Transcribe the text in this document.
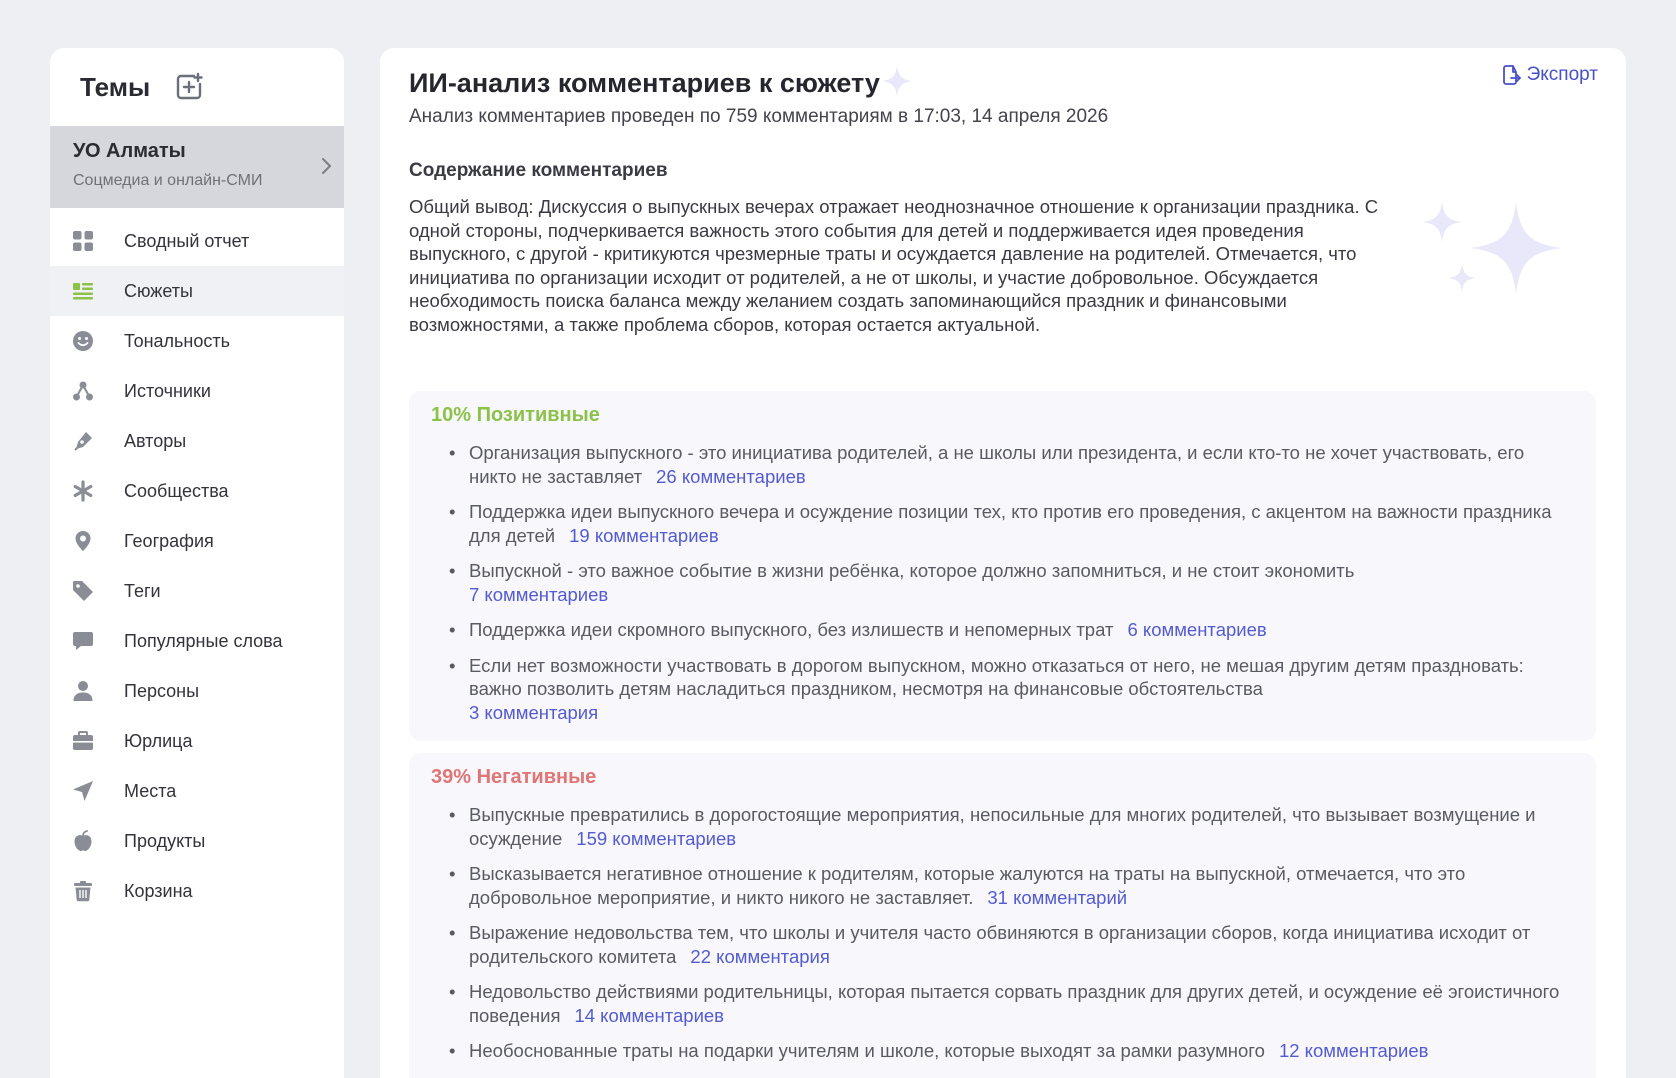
Темы
УО Алматы
Соцмедиа и онлайн-СМИ
Сводный отчет
Сюжеты
Тональность
Источники
Авторы
Сообщества
География
Теги
Популярные слова
Персоны
Юрлица
Места
Продукты
Корзина
ИИ-анализ комментариев к сюжету	Экспорт
Анализ комментариев проведен по 759 комментариям в 17:03, 14 апреля 2026
Содержание комментариев

Общий вывод: Дискуссия о выпускных вечерах отражает неоднозначное отношение к организации праздника. С одной стороны, подчеркивается важность этого события для детей и поддерживается идея проведения выпускного, с другой - критикуются чрезмерные траты и осуждается давление на родителей. Отмечается, что инициатива по организации исходит от родителей, а не от школы, и участие добровольное. Обсуждается необходимость поиска баланса между желанием создать запоминающийся праздник и финансовыми возможностями, а также проблема сборов, которая остается актуальной.

10% Позитивные
• Организация выпускного - это инициатива родителей, а не школы или президента, и если кто-то не хочет участвовать, его никто не заставляет 26 комментариев
• Поддержка идеи выпускного вечера и осуждение позиции тех, кто против его проведения, с акцентом на важности праздника для детей 19 комментариев
• Выпускной - это важное событие в жизни ребёнка, которое должно запомниться, и не стоит экономить
7 комментариев
• Поддержка идеи скромного выпускного, без излишеств и непомерных трат 6 комментариев
• Если нет возможности участвовать в дорогом выпускном, можно отказаться от него, не мешая другим детям праздновать: важно позволить детям насладиться праздником, несмотря на финансовые обстоятельства
3 комментария
39% Негативные
• Выпускные превратились в дорогостоящие мероприятия, непосильные для многих родителей, что вызывает возмущение и осуждение 159 комментариев
• Высказывается негативное отношение к родителям, которые жалуются на траты на выпускной, отмечается, что это добровольное мероприятие, и никто никого не заставляет. 31 комментарий
• Выражение недовольства тем, что школы и учителя часто обвиняются в организации сборов, когда инициатива исходит от родительского комитета 22 комментария
• Недовольство действиями родительницы, которая пытается сорвать праздник для других детей, и осуждение её эгоистичного поведения 14 комментариев
• Необоснованные траты на подарки учителям и школе, которые выходят за рамки разумного 12 комментариев
